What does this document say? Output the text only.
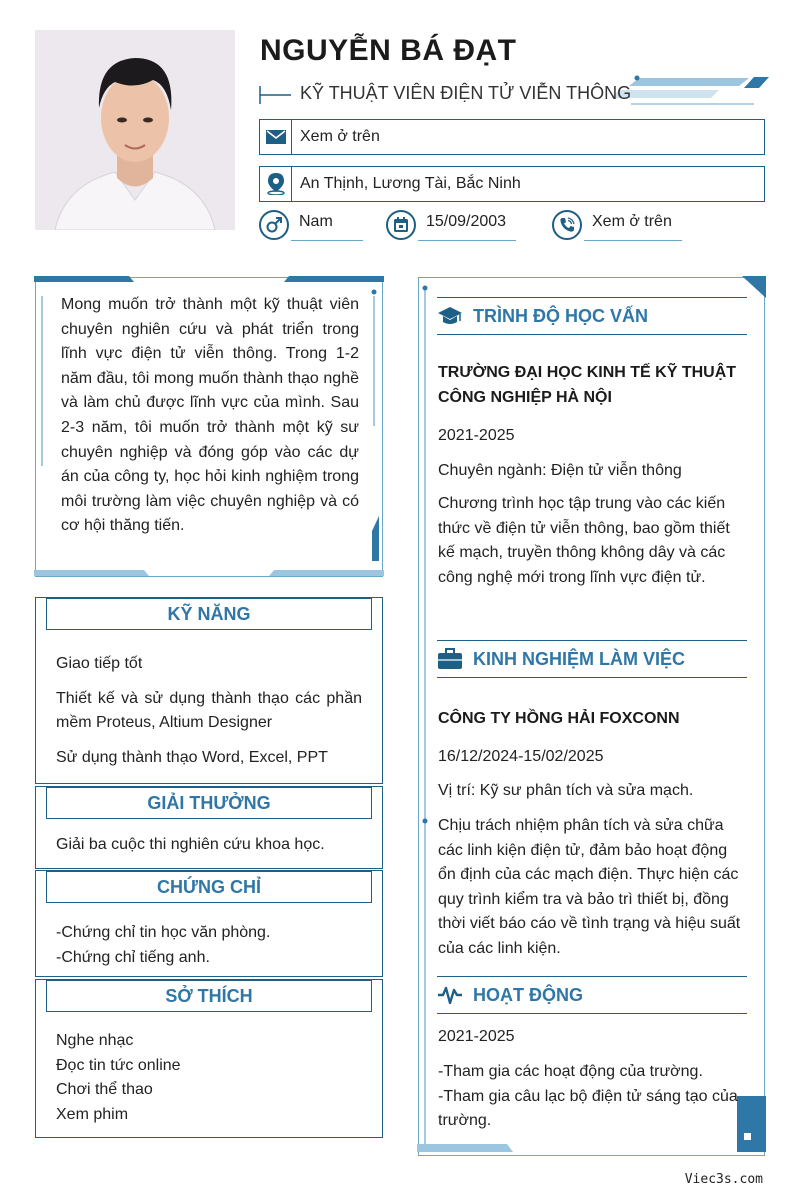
NGUYỄN BÁ ĐẠT
KỸ THUẬT VIÊN ĐIỆN TỬ VIỄN THÔNG
Xem ở trên
An Thịnh, Lương Tài, Bắc Ninh
Nam	15/09/2003	Xem ở trên
Mong muốn trở thành một kỹ thuật viên chuyên nghiên cứu và phát triển trong lĩnh vực điện tử viễn thông. Trong 1-2 năm đầu, tôi mong muốn thành thạo nghề và làm chủ được lĩnh vực của mình. Sau 2-3 năm, tôi muốn trở thành một kỹ sư chuyên nghiệp và đóng góp vào các dự án của công ty, học hỏi kinh nghiệm trong môi trường làm việc chuyên nghiệp và có cơ hội thăng tiến.
KỸ NĂNG
Giao tiếp tốt
Thiết kế và sử dụng thành thạo các phần mềm Proteus, Altium Designer
Sử dụng thành thạo Word, Excel, PPT
GIẢI THƯỞNG
Giải ba cuộc thi nghiên cứu khoa học.
CHỨNG CHỈ
-Chứng chỉ tin học văn phòng.
-Chứng chỉ tiếng anh.
SỞ THÍCH
Nghe nhạc
Đọc tin tức online
Chơi thể thao
Xem phim
TRÌNH ĐỘ HỌC VẤN
TRƯỜNG ĐẠI HỌC KINH TẾ KỸ THUẬT CÔNG NGHIỆP HÀ NỘI
2021-2025
Chuyên ngành: Điện tử viễn thông
Chương trình học tập trung vào các kiến thức về điện tử viễn thông, bao gồm thiết kế mạch, truyền thông không dây và các công nghệ mới trong lĩnh vực điện tử.
KINH NGHIỆM LÀM VIỆC
CÔNG TY HỒNG HẢI FOXCONN
16/12/2024-15/02/2025
Vị trí: Kỹ sư phân tích và sửa mạch.
Chịu trách nhiệm phân tích và sửa chữa các linh kiện điện tử, đảm bảo hoạt động ổn định của các mạch điện. Thực hiện các quy trình kiểm tra và bảo trì thiết bị, đồng thời viết báo cáo về tình trạng và hiệu suất của các linh kiện.
HOẠT ĐỘNG
2021-2025
-Tham gia các hoạt động của trường.
-Tham gia câu lạc bộ điện tử sáng tạo của trường.
Viec3s.com
